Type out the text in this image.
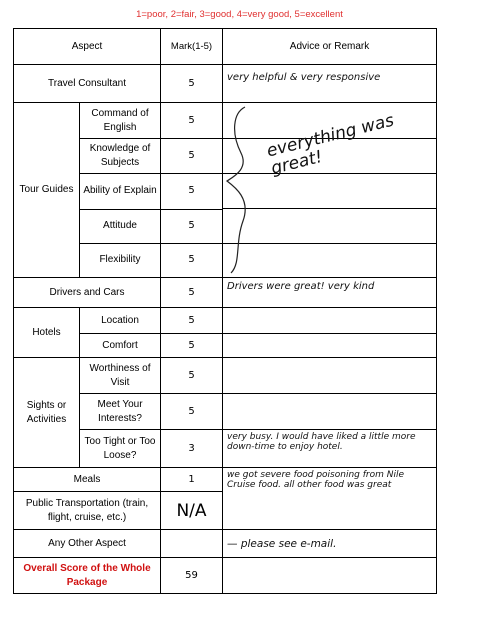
1=poor, 2=fair, 3=good, 4=very good, 5=excellent
Aspect		Mark(1-5)	Advice or Remark
Travel Consultant		5	very helpful & very responsive
Tour Guides	Command of English	5	everything was great!

	Knowledge of Subjects	5	
	Ability of Explain	5	
	Attitude	5	
	Flexibility	5	
Drivers and Cars		5	Drivers were great! very kind
Hotels	Location	5	
	Comfort	5	
Sights or Activities	Worthiness of Visit	5	
	Meet Your Interests?	5	
	Too Tight or Too Loose?	3	very busy. I would have liked a little more down-time to enjoy hotel.
Meals		1	we got severe food poisoning from Nile Cruise food. all other food was great
Public Transportation (train, flight, cruise, etc.)		N/A	
Any Other Aspect			— please see e-mail.
Overall Score of the Whole Package		59	
